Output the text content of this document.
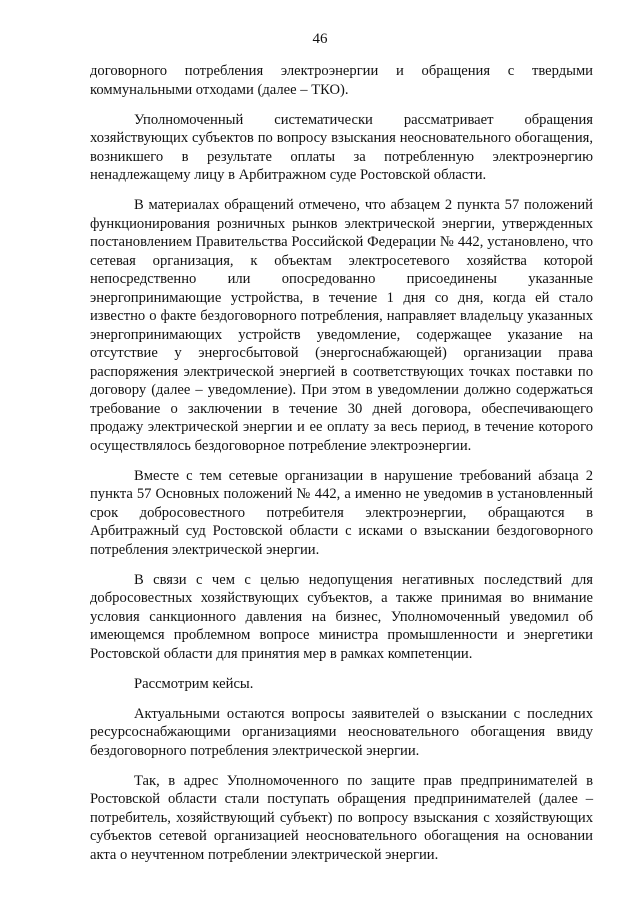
46

договорного потребления электроэнергии и обращения с твердыми коммунальными отходами (далее – ТКО).

Уполномоченный систематически рассматривает обращения хозяйствующих субъектов по вопросу взыскания неосновательного обогащения, возникшего в результате оплаты за потребленную электроэнергию ненадлежащему лицу в Арбитражном суде Ростовской области.

В материалах обращений отмечено, что абзацем 2 пункта 57 положений функционирования розничных рынков электрической энергии, утвержденных постановлением Правительства Российской Федерации № 442, установлено, что сетевая организация, к объектам электросетевого хозяйства которой непосредственно или опосредованно присоединены указанные энергопринимающие устройства, в течение 1 дня со дня, когда ей стало известно о факте бездоговорного потребления, направляет владельцу указанных энергопринимающих устройств уведомление, содержащее указание на отсутствие у энергосбытовой (энергоснабжающей) организации права распоряжения электрической энергией в соответствующих точках поставки по договору (далее – уведомление). При этом в уведомлении должно содержаться требование о заключении в течение 30 дней договора, обеспечивающего продажу электрической энергии и ее оплату за весь период, в течение которого осуществлялось бездоговорное потребление электроэнергии.

Вместе с тем сетевые организации в нарушение требований абзаца 2 пункта 57 Основных положений № 442, а именно не уведомив в установленный срок добросовестного потребителя электроэнергии, обращаются в Арбитражный суд Ростовской области с исками о взыскании бездоговорного потребления электрической энергии.

В связи с чем с целью недопущения негативных последствий для добросовестных хозяйствующих субъектов, а также принимая во внимание условия санкционного давления на бизнес, Уполномоченный уведомил об имеющемся проблемном вопросе министра промышленности и энергетики Ростовской области для принятия мер в рамках компетенции.

Рассмотрим кейсы.

Актуальными остаются вопросы заявителей о взыскании с последних ресурсоснабжающими организациями неосновательного обогащения ввиду бездоговорного потребления электрической энергии.

Так, в адрес Уполномоченного по защите прав предпринимателей в Ростовской области стали поступать обращения предпринимателей (далее – потребитель, хозяйствующий субъект) по вопросу взыскания с хозяйствующих субъектов сетевой организацией неосновательного обогащения на основании акта о неучтенном потреблении электрической энергии.
